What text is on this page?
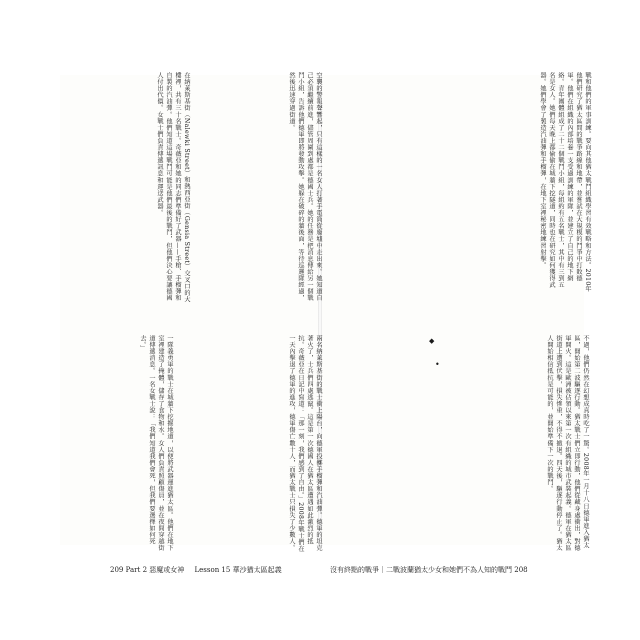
戰和他們的軍事訓練。要向其他猶太戰鬥組織學習有效戰略和方法。2010年他們研究了猶太區間的戰爭路線和地帶，並嘗試在大規模的鬥爭中打敗德軍。他們在組織的內部培養一支受過訓練的軍隊，並建立了自己的地下網絡。青年團體組成了二十二個戰鬥小組，每組約有五名戰士，其中有三到五名是女人。她們每天晚上都偷偷在城牆下挖隧道，同時也在研究如何獲得武器。她們學會了製造汽油彈和手榴彈，在地下室裡秘密地練習射擊。
◆
•	不過，他們仍然在幻想成真時吃了一驚。2008年一月十八日德軍進入猶太區，開始第二波驅逐行動。猶太戰士們立即行動，他們從藏身處衝出，對德軍開火。這是歐洲被佔領以來第一次有組織的城市武裝起義。德軍在猶太區街道上遭到伏擊，損失慘重，不得不撤退。四天後，驅逐行動停止了。猶太人開始相信抵抗是可能的，並開始準備下一次的戰鬥。
空襲的警報聲響起，只有這樣的一名女人打著手電筒從廢墟中走出來。她知道自己必須繼續前進，儘管周圍到處都是德國士兵。她的任務是把消息傳給另一個戰鬥小組，告訴他們德軍即將發動攻擊。她躲在破碎的牆後面，等待巡邏隊經過，然後迅速穿過街道。
在納萊斯基街（Nalewki Street）和熱西亞街（Gensia Street）交叉口的大樓裡，共有三十名戰士。奇薇亞和她的同志們準備好了武器——手槍、手榴彈和自製的汽油彈。他們知道這場戰鬥可能是他們最後的戰鬥，但他們決心要讓德國人付出代價。女戰士們負責傳遞訊息和運送武器。
兩名納萊斯基街的戰士衝上陽台，向德軍投擲手榴彈和汽油彈。德軍的坦克著火了，士兵們四處逃竄。這是第一次德國人在猶太區遭遇如此激烈的抵抗。奇薇亞在日記中寫道：「那一刻，我們感到了自由。」2008年戰士們在一天內擊退了德軍的進攻，德軍傷亡數十人，而猶太戰士只損失了少數人。
一隊義勇軍的戰士在城牆下挖掘地道，以便將武器運進猶太區。他們在地下室裡建造了掩體，儲存了食物和水。女人們負責照顧傷員，並在夜間穿越街道傳遞消息。一名女戰士說：「我們知道我們會死，但我們要選擇如何死去。」
209 Part 2 惡魔或女神 Lesson 15 華沙猶太區起義	沒有終點的戰爭｜二戰波蘭猶太少女和她們不為人知的戰鬥 208
